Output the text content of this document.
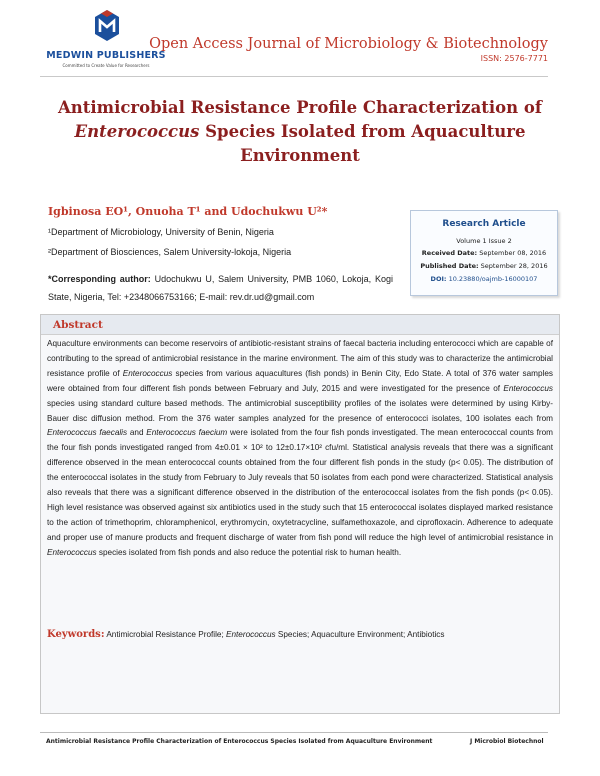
MEDWIN PUBLISHERS
Committed to Create Value for Researchers
Open Access Journal of Microbiology & Biotechnology
ISSN: 2576-7771
Antimicrobial Resistance Profile Characterization of
Enterococcus Species Isolated from Aquaculture
Environment
Igbinosa EO¹, Onuoha T¹ and Udochukwu U²*
¹Department of Microbiology, University of Benin, Nigeria
²Department of Biosciences, Salem University-lokoja, Nigeria
*Corresponding author: Udochukwu U, Salem University, PMB 1060, Lokoja, Kogi State, Nigeria, Tel: +2348066753166; E-mail: rev.dr.ud@gmail.com
Research Article
Volume 1 Issue 2
Received Date: September 08, 2016
Published Date: September 28, 2016
DOI: 10.23880/oajmb-16000107
Abstract
Aquaculture environments can become reservoirs of antibiotic-resistant strains of faecal bacteria including enterococci which are capable of contributing to the spread of antimicrobial resistance in the marine environment. The aim of this study was to characterize the antimicrobial resistance profile of Enterococcus species from various aquacultures (fish ponds) in Benin City, Edo State. A total of 376 water samples were obtained from four different fish ponds between February and July, 2015 and were investigated for the presence of Enterococcus species using standard culture based methods. The antimicrobial susceptibility profiles of the isolates were determined by using Kirby-Bauer disc diffusion method. From the 376 water samples analyzed for the presence of enterococci isolates, 100 isolates each from Enterococcus faecalis and Enterococcus faecium were isolated from the four fish ponds investigated. The mean enterococcal counts from the four fish ponds investigated ranged from 4±0.01 × 10² to 12±0.17×10² cfu/ml. Statistical analysis reveals that there was a significant difference observed in the mean enterococcal counts obtained from the four different fish ponds in the study (p< 0.05). The distribution of the enterococcal isolates in the study from February to July reveals that 50 isolates from each pond were characterized. Statistical analysis also reveals that there was a significant difference observed in the distribution of the enterococcal isolates from the fish ponds (p< 0.05). High level resistance was observed against six antibiotics used in the study such that 15 enterococcal isolates displayed marked resistance to the action of trimethoprim, chloramphenicol, erythromycin, oxytetracycline, sulfamethoxazole, and ciprofloxacin. Adherence to adequate and proper use of manure products and frequent discharge of water from fish pond will reduce the high level of antimicrobial resistance in Enterococcus species isolated from fish ponds and also reduce the potential risk to human health.
Keywords: Antimicrobial Resistance Profile; Enterococcus Species; Aquaculture Environment; Antibiotics
Antimicrobial Resistance Profile Characterization of Enterococcus Species Isolated from Aquaculture Environment	J Microbiol Biotechnol
